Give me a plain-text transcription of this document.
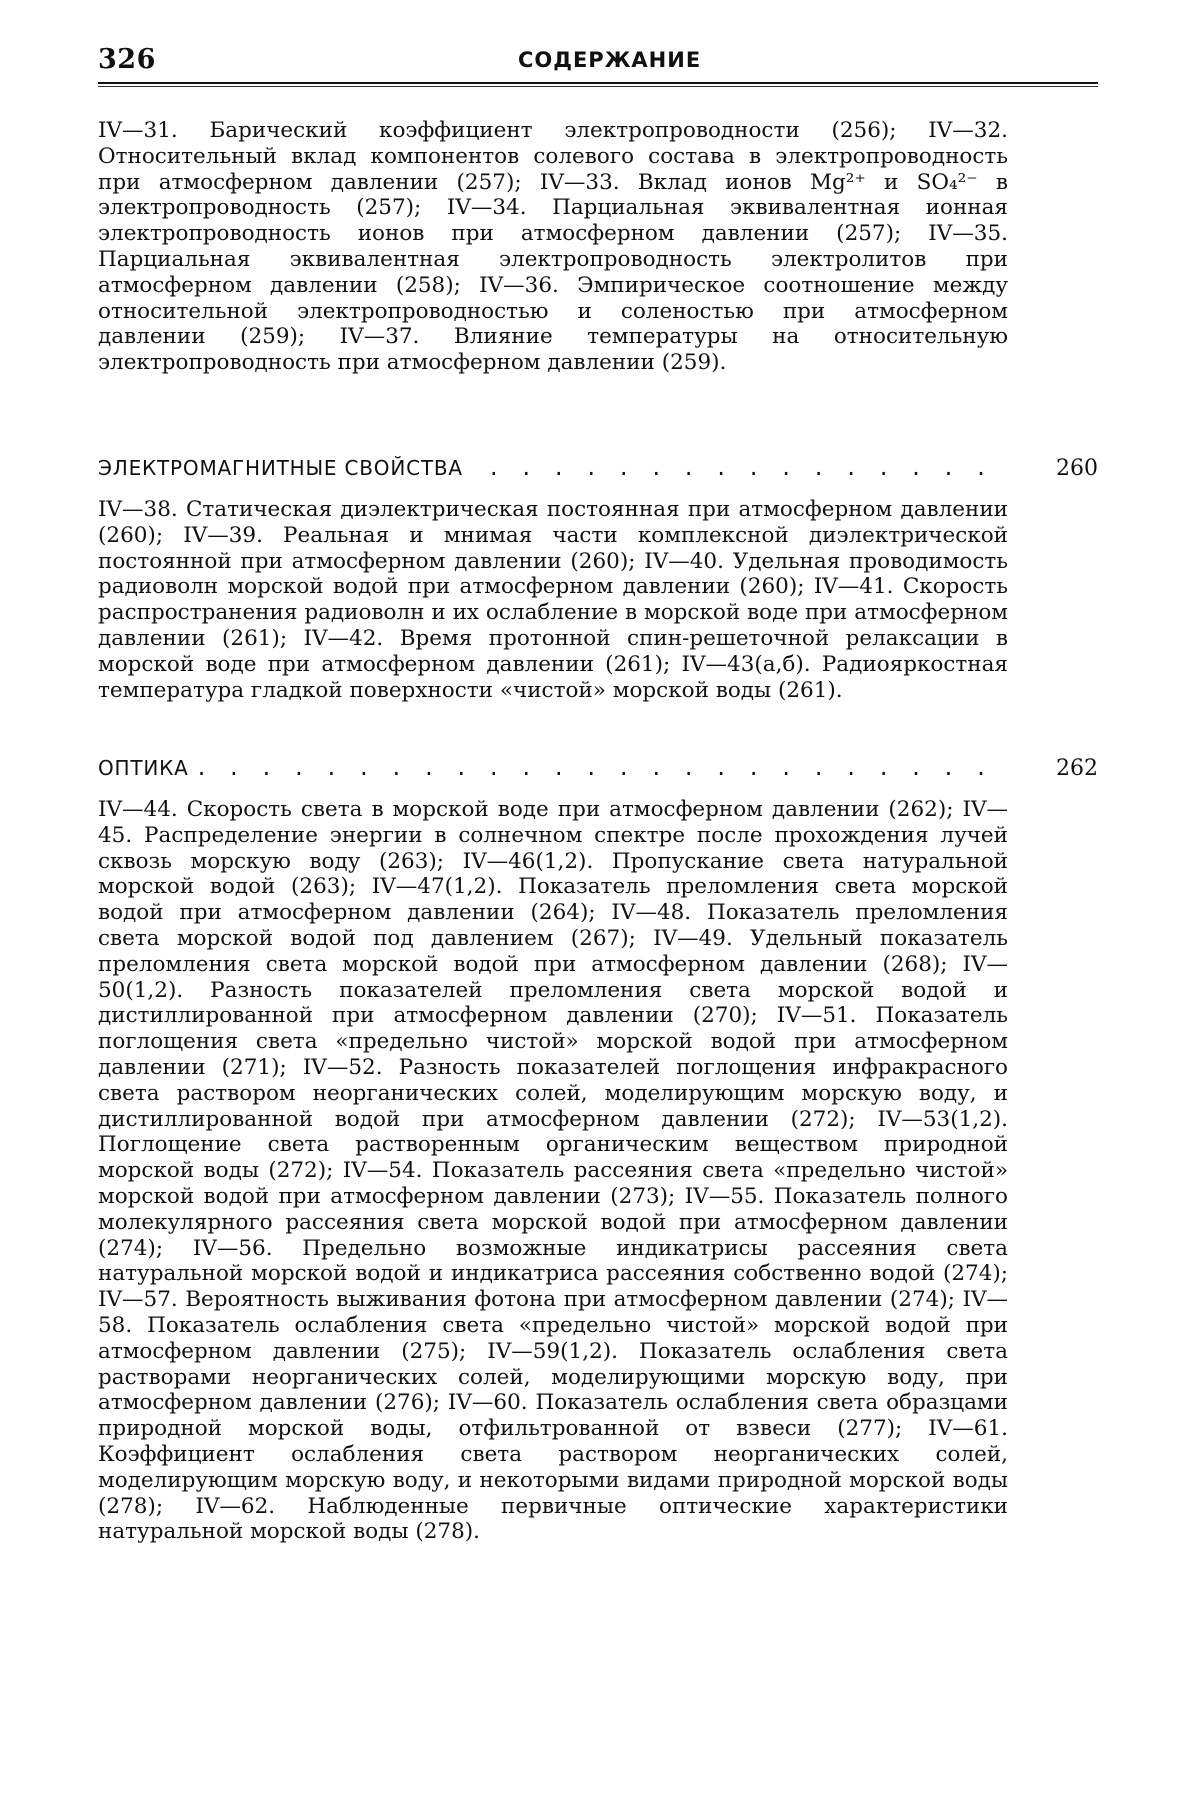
326	СОДЕРЖАНИЕ

IV—31. Барический коэффициент электропроводности (256); IV—32. Относительный вклад компонентов солевого состава в электропроводность при атмосферном давлении (257); IV—33. Вклад ионов Mg²⁺ и SO₄²⁻ в электропроводность (257); IV—34. Парциальная эквивалентная ионная электропроводность ионов при атмосферном давлении (257); IV—35. Парциальная эквивалентная электропроводность электролитов при атмосферном давлении (258); IV—36. Эмпирическое соотношение между относительной электропроводностью и соленостью при атмосферном давлении (259); IV—37. Влияние температуры на относительную электропроводность при атмосферном давлении (259).

. . . . . . . . . . . . . . . .
ЭЛЕКТРОМАГНИТНЫЕ СВОЙСТВА	260

IV—38. Статическая диэлектрическая постоянная при атмосферном давлении (260); IV—39. Реальная и мнимая части комплексной диэлектрической постоянной при атмосферном давлении (260); IV—40. Удельная проводимость радиоволн морской водой при атмосферном давлении (260); IV—41. Скорость распространения радиоволн и их ослабление в морской воде при атмосферном давлении (261); IV—42. Время протонной спин-решеточной релаксации в морской воде при атмосферном давлении (261); IV—43(а,б). Радиояркостная температура гладкой поверхности «чистой» морской воды (261).

. . . . . . . . . . . . . . . . . . . . . . . . .
ОПТИКА	262

IV—44. Скорость света в морской воде при атмосферном давлении (262); IV—45. Распределение энергии в солнечном спектре после прохождения лучей сквозь морскую воду (263); IV—46(1,2). Пропускание света натуральной морской водой (263); IV—47(1,2). Показатель преломления света морской водой при атмосферном давлении (264); IV—48. Показатель преломления света морской водой под давлением (267); IV—49. Удельный показатель преломления света морской водой при атмосферном давлении (268); IV—50(1,2). Разность показателей преломления света морской водой и дистиллированной при атмосферном давлении (270); IV—51. Показатель поглощения света «предельно чистой» морской водой при атмосферном давлении (271); IV—52. Разность показателей поглощения инфракрасного света раствором неорганических солей, моделирующим морскую воду, и дистиллированной водой при атмосферном давлении (272); IV—53(1,2). Поглощение света растворенным органическим веществом природной морской воды (272); IV—54. Показатель рассеяния света «предельно чистой» морской водой при атмосферном давлении (273); IV—55. Показатель полного молекулярного рассеяния света морской водой при атмосферном давлении (274); IV—56. Предельно возможные индикатрисы рассеяния света натуральной морской водой и индикатриса рассеяния собственно водой (274); IV—57. Вероятность выживания фотона при атмосферном давлении (274); IV—58. Показатель ослабления света «предельно чистой» морской водой при атмосферном давлении (275); IV—59(1,2). Показатель ослабления света растворами неорганических солей, моделирующими морскую воду, при атмосферном давлении (276); IV—60. Показатель ослабления света образцами природной морской воды, отфильтрованной от взвеси (277); IV—61. Коэффициент ослабления света раствором неорганических солей, моделирующим морскую воду, и некоторыми видами природной морской воды (278); IV—62. Наблюденные первичные оптические характеристики натуральной морской воды (278).
